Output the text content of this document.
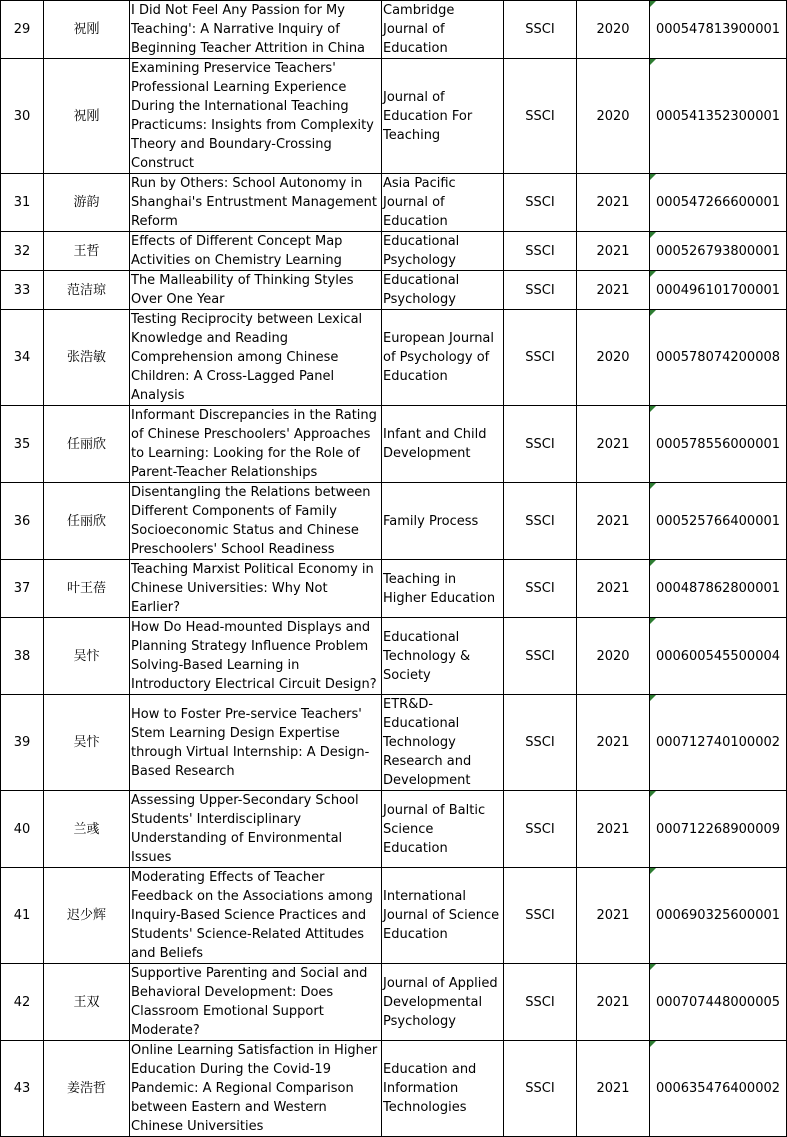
29	祝刚	I Did Not Feel Any Passion for My Teaching': A Narrative Inquiry of Beginning Teacher Attrition in China	Cambridge Journal of Education	SSCI	2020	000547813900001
30	祝刚	Examining Preservice Teachers' Professional Learning Experience During the International Teaching Practicums: Insights from Complexity Theory and Boundary-Crossing Construct	Journal of Education For Teaching	SSCI	2020	000541352300001
31	游韵	Run by Others: School Autonomy in Shanghai's Entrustment Management Reform	Asia Pacific Journal of Education	SSCI	2021	000547266600001
32	王哲	Effects of Different Concept Map Activities on Chemistry Learning	Educational Psychology	SSCI	2021	000526793800001
33	范洁琼	The Malleability of Thinking Styles Over One Year	Educational Psychology	SSCI	2021	000496101700001
34	张浩敏	Testing Reciprocity between Lexical Knowledge and Reading Comprehension among Chinese Children: A Cross-Lagged Panel Analysis	European Journal of Psychology of Education	SSCI	2020	000578074200008
35	任丽欣	Informant Discrepancies in the Rating of Chinese Preschoolers' Approaches to Learning: Looking for the Role of Parent-Teacher Relationships	Infant and Child Development	SSCI	2021	000578556000001
36	任丽欣	Disentangling the Relations between Different Components of Family Socioeconomic Status and Chinese Preschoolers' School Readiness	Family Process	SSCI	2021	000525766400001
37	叶王蓓	Teaching Marxist Political Economy in Chinese Universities: Why Not Earlier?	Teaching in Higher Education	SSCI	2021	000487862800001
38	吴忭	How Do Head-mounted Displays and Planning Strategy Influence Problem Solving-Based Learning in Introductory Electrical Circuit Design?	Educational Technology & Society	SSCI	2020	000600545500004
39	吴忭	How to Foster Pre-service Teachers' Stem Learning Design Expertise through Virtual Internship: A Design-Based Research	ETR&D-Educational Technology Research and Development	SSCI	2021	000712740100002
40	兰彧	Assessing Upper-Secondary School Students' Interdisciplinary Understanding of Environmental Issues	Journal of Baltic Science Education	SSCI	2021	000712268900009
41	迟少辉	Moderating Effects of Teacher Feedback on the Associations among Inquiry-Based Science Practices and Students' Science-Related Attitudes and Beliefs	International Journal of Science Education	SSCI	2021	000690325600001
42	王双	Supportive Parenting and Social and Behavioral Development: Does Classroom Emotional Support Moderate?	Journal of Applied Developmental Psychology	SSCI	2021	000707448000005
43	姜浩哲	Online Learning Satisfaction in Higher Education During the Covid-19 Pandemic: A Regional Comparison between Eastern and Western Chinese Universities	Education and Information Technologies	SSCI	2021	000635476400002
